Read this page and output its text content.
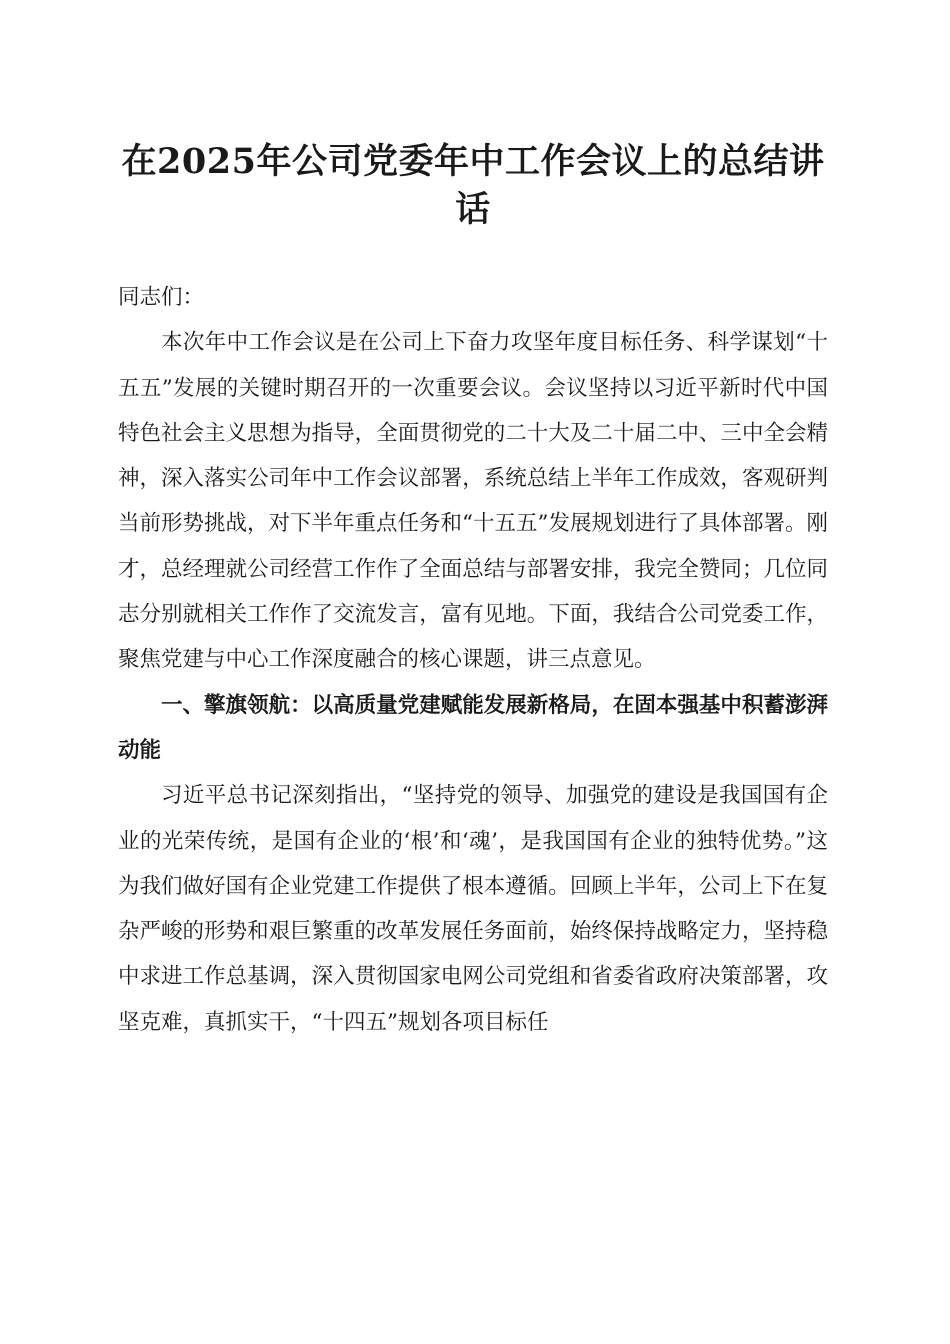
在2025年公司党委年中工作会议上的总结讲话

同志们：

本次年中工作会议是在公司上下奋力攻坚年度目标任务、科学谋划“十五五”发展的关键时期召开的一次重要会议。会议坚持以习近平新时代中国特色社会主义思想为指导，全面贯彻党的二十大及二十届二中、三中全会精神，深入落实公司年中工作会议部署，系统总结上半年工作成效，客观研判当前形势挑战，对下半年重点任务和“十五五”发展规划进行了具体部署。刚才，总经理就公司经营工作作了全面总结与部署安排，我完全赞同；几位同志分别就相关工作作了交流发言，富有见地。下面，我结合公司党委工作，聚焦党建与中心工作深度融合的核心课题，讲三点意见。

一、擎旗领航：以高质量党建赋能发展新格局，在固本强基中积蓄澎湃动能

习近平总书记深刻指出，“坚持党的领导、加强党的建设是我国国有企业的光荣传统，是国有企业的‘根’和‘魂’，是我国国有企业的独特优势。”这为我们做好国有企业党建工作提供了根本遵循。回顾上半年，公司上下在复杂严峻的形势和艰巨繁重的改革发展任务面前，始终保持战略定力，坚持稳中求进工作总基调，深入贯彻国家电网公司党组和省委省政府决策部署，攻坚克难，真抓实干，“十四五”规划各项目标任
